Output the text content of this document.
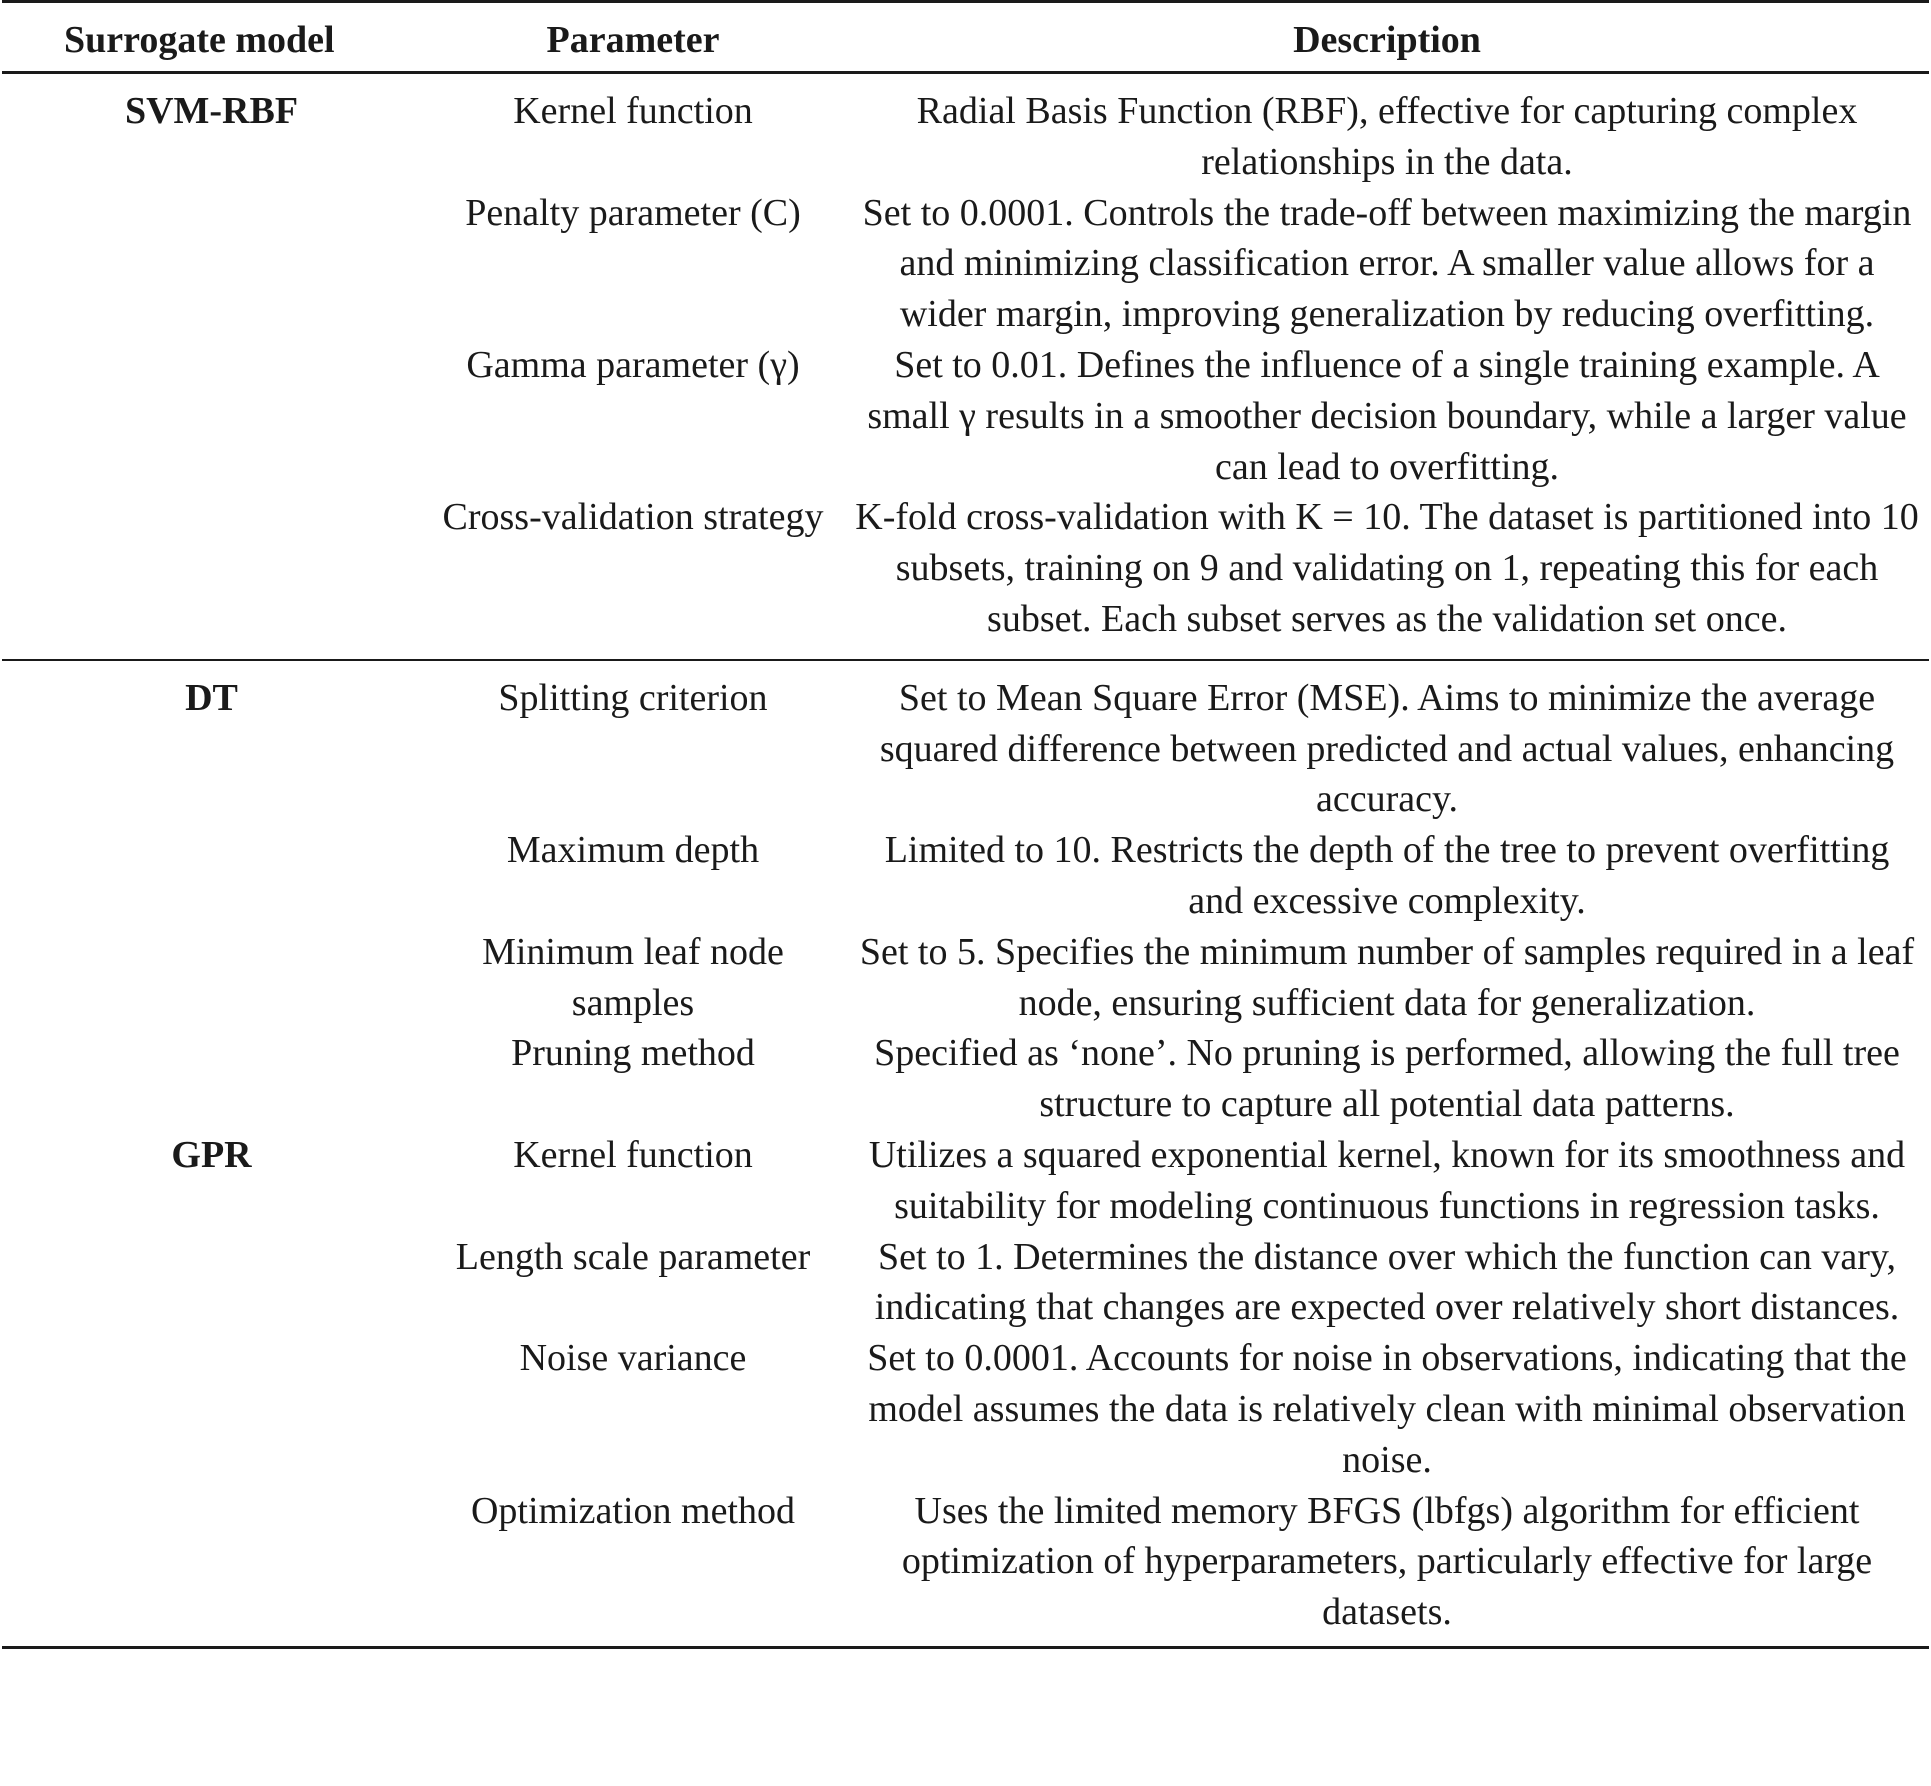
Surrogate model	Parameter	Description
SVM-RBF	Kernel function	Radial Basis Function (RBF), effective for capturing complex relationships in the data.
	Penalty parameter (C)	Set to 0.0001. Controls the trade-off between maximizing the margin and minimizing classification error. A smaller value allows for a wider margin, improving generalization by reducing overfitting.
	Gamma parameter (γ)	Set to 0.01. Defines the influence of a single training example. A small γ results in a smoother decision boundary, while a larger value can lead to overfitting.
	Cross-validation strategy	K-fold cross-validation with K = 10. The dataset is partitioned into 10 subsets, training on 9 and validating on 1, repeating this for each subset. Each subset serves as the validation set once.
DT	Splitting criterion	Set to Mean Square Error (MSE). Aims to minimize the average squared difference between predicted and actual values, enhancing accuracy.
	Maximum depth	Limited to 10. Restricts the depth of the tree to prevent overfitting and excessive complexity.
	Minimum leaf node samples	Set to 5. Specifies the minimum number of samples required in a leaf node, ensuring sufficient data for generalization.
	Pruning method	Specified as ‘none’. No pruning is performed, allowing the full tree structure to capture all potential data patterns.
GPR	Kernel function	Utilizes a squared exponential kernel, known for its smoothness and suitability for modeling continuous functions in regression tasks.
	Length scale parameter	Set to 1. Determines the distance over which the function can vary, indicating that changes are expected over relatively short distances.
	Noise variance	Set to 0.0001. Accounts for noise in observations, indicating that the model assumes the data is relatively clean with minimal observation noise.
	Optimization method	Uses the limited memory BFGS (lbfgs) algorithm for efficient optimization of hyperparameters, particularly effective for large datasets.
